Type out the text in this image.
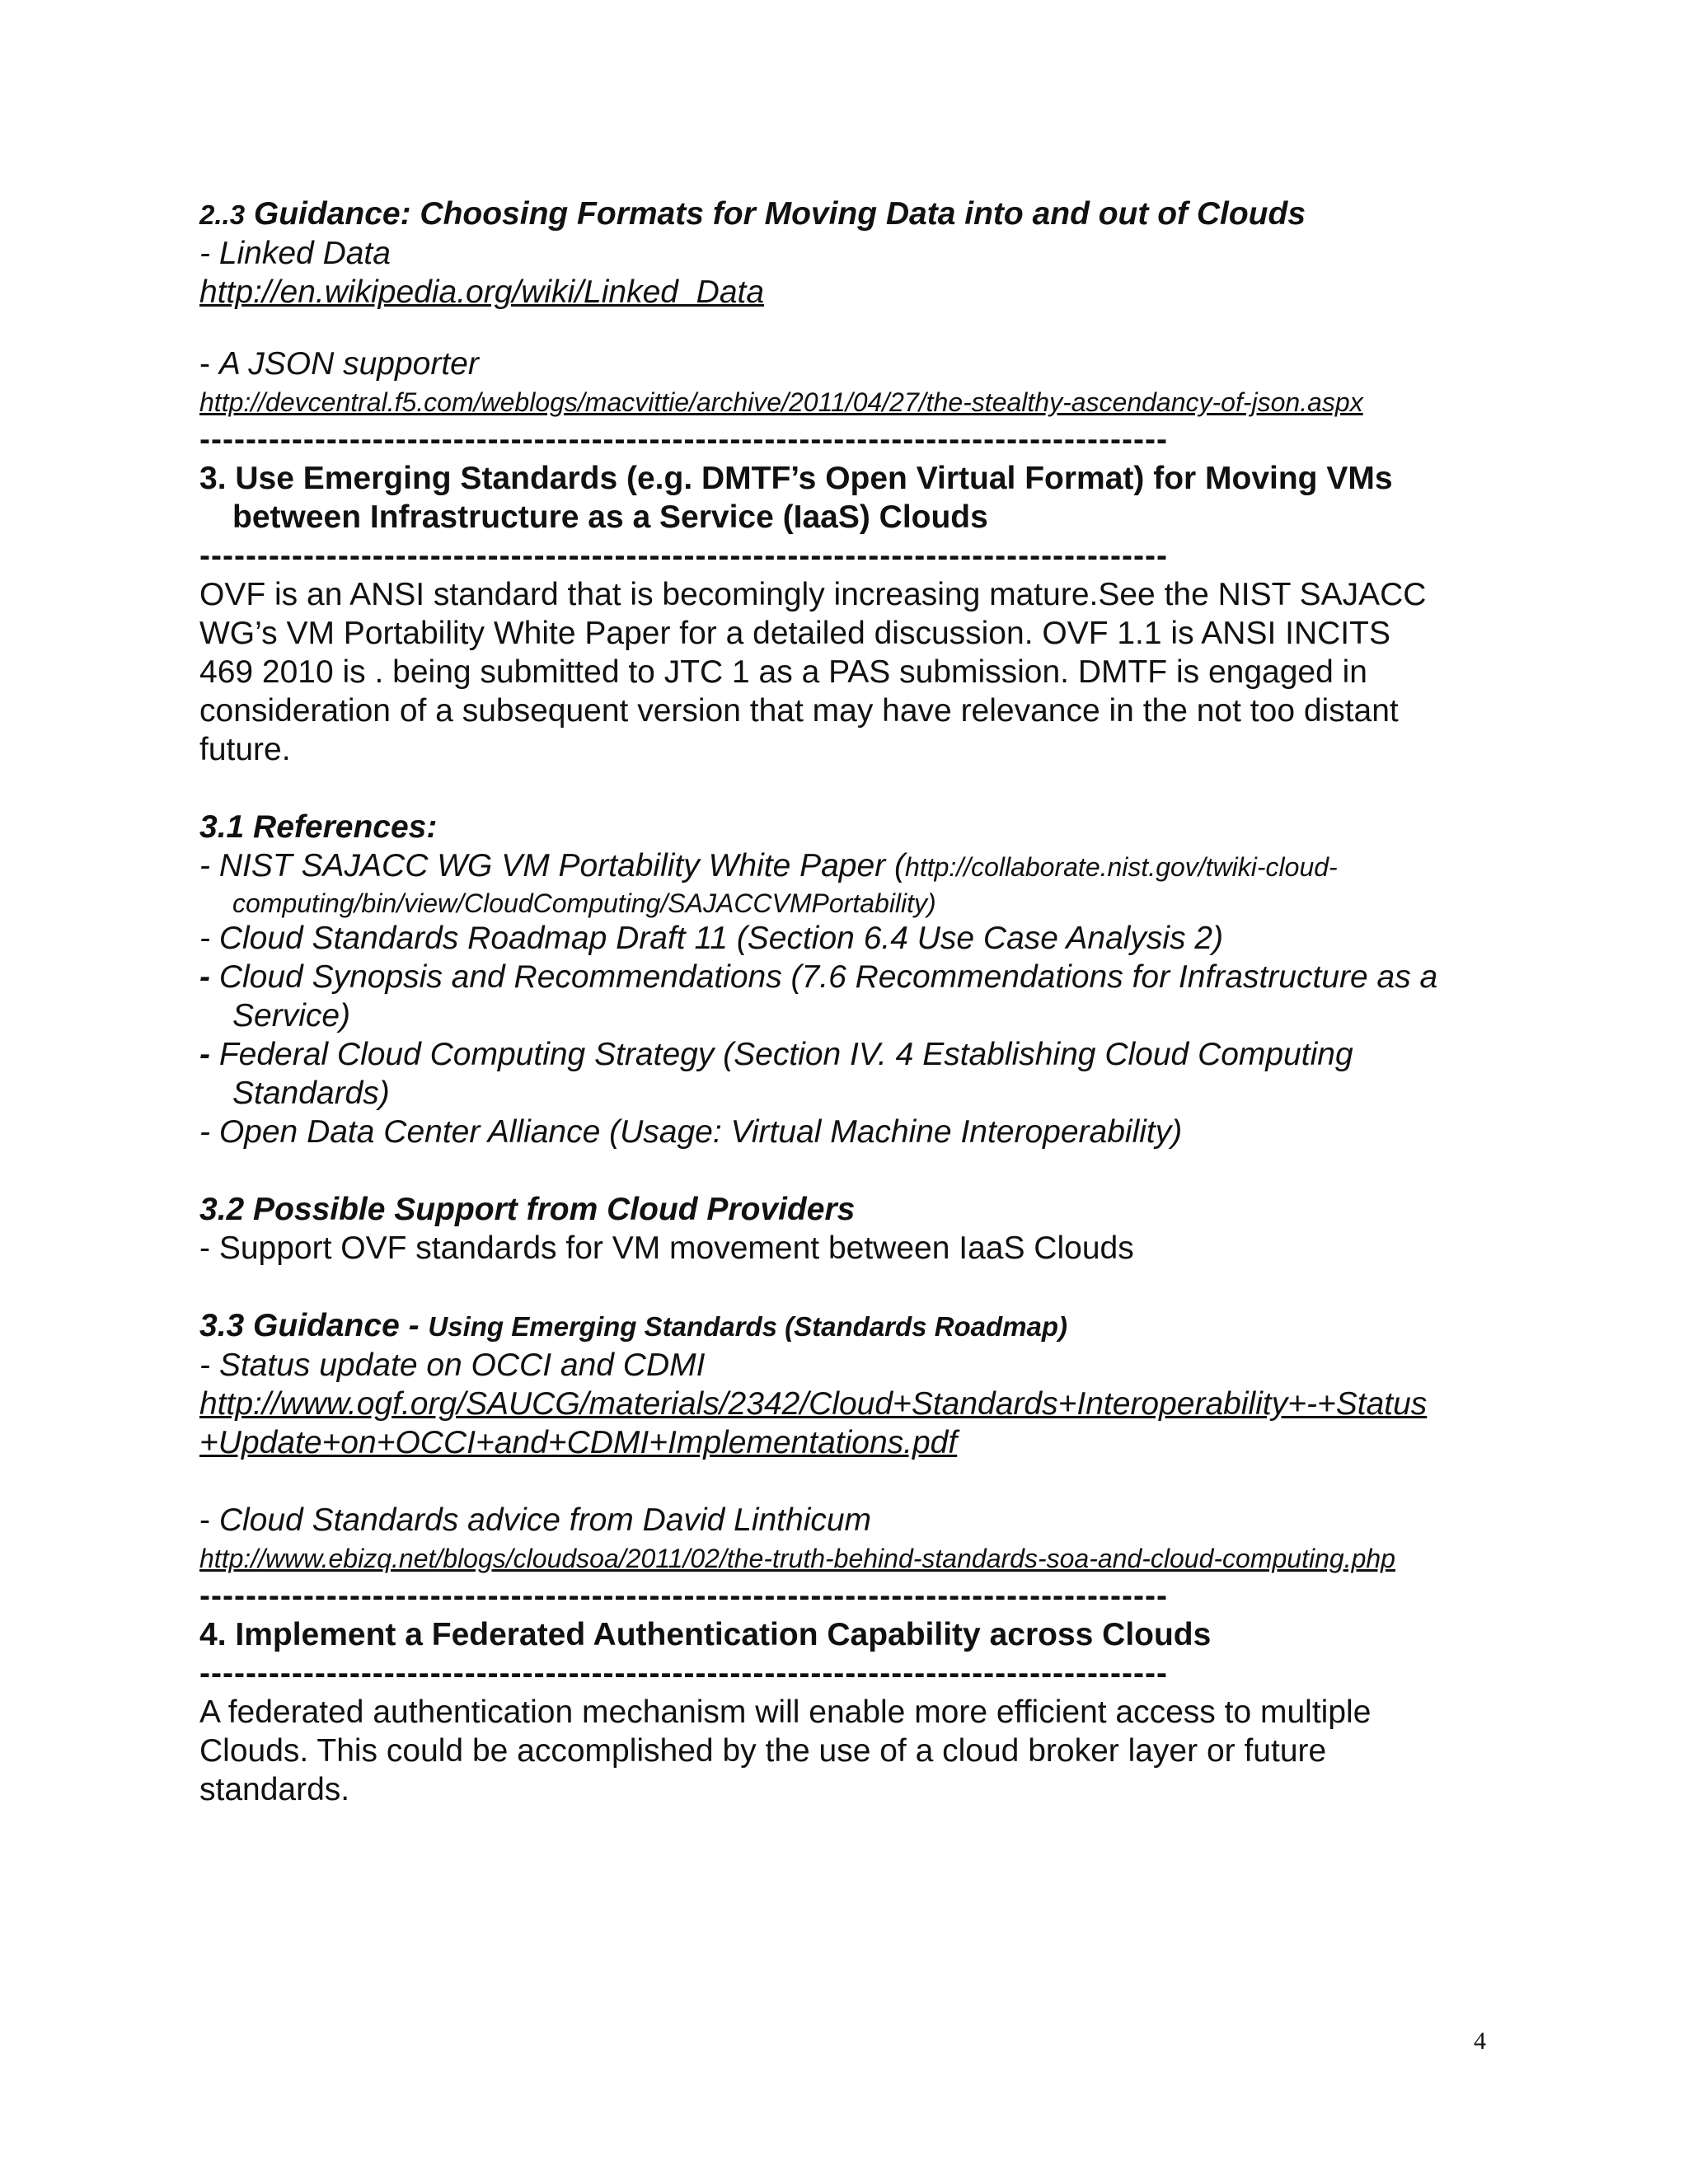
2..3 Guidance: Choosing Formats for Moving Data into and out of Clouds
- Linked Data
http://en.wikipedia.org/wiki/Linked_Data
- A JSON supporter
http://devcentral.f5.com/weblogs/macvittie/archive/2011/04/27/the-stealthy-ascendancy-of-json.aspx
------------------------------------------------------------------------------------
3. Use Emerging Standards (e.g. DMTF’s Open Virtual Format) for Moving VMs
between Infrastructure as a Service (IaaS) Clouds
------------------------------------------------------------------------------------
OVF is an ANSI standard that is becomingly increasing mature.See the NIST SAJACC
WG’s VM Portability White Paper for a detailed discussion. OVF 1.1 is ANSI INCITS
469 2010 is . being submitted to JTC 1 as a PAS submission. DMTF is engaged in
consideration of a subsequent version that may have relevance in the not too distant
future.
3.1 References:
- NIST SAJACC WG VM Portability White Paper (http://collaborate.nist.gov/twiki-cloud-
computing/bin/view/CloudComputing/SAJACCVMPortability)
- Cloud Standards Roadmap Draft 11 (Section 6.4 Use Case Analysis 2)
- Cloud Synopsis and Recommendations (7.6 Recommendations for Infrastructure as a
Service)
- Federal Cloud Computing Strategy (Section IV. 4 Establishing Cloud Computing
Standards)
- Open Data Center Alliance (Usage: Virtual Machine Interoperability)
3.2 Possible Support from Cloud Providers
- Support OVF standards for VM movement between IaaS Clouds
3.3 Guidance - Using Emerging Standards (Standards Roadmap)
- Status update on OCCI and CDMI
http://www.ogf.org/SAUCG/materials/2342/Cloud+Standards+Interoperability+-+Status
+Update+on+OCCI+and+CDMI+Implementations.pdf
- Cloud Standards advice from David Linthicum
http://www.ebizq.net/blogs/cloudsoa/2011/02/the-truth-behind-standards-soa-and-cloud-computing.php
------------------------------------------------------------------------------------
4. Implement a Federated Authentication Capability across Clouds
------------------------------------------------------------------------------------
A federated authentication mechanism will enable more efficient access to multiple
Clouds. This could be accomplished by the use of a cloud broker layer or future
standards.
4
